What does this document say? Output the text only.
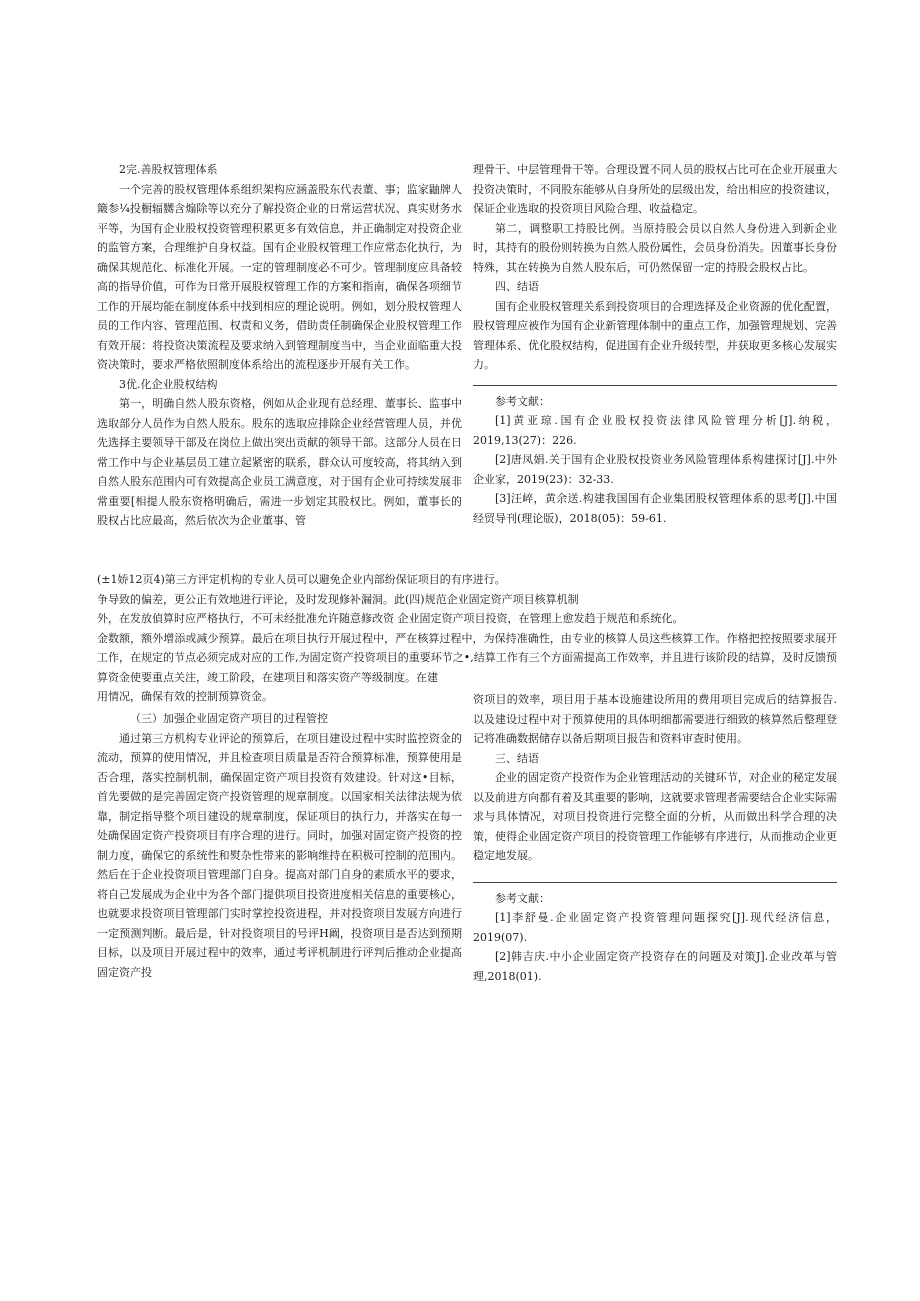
2完.善股权管理体系

一个完善的股权管理体系组织架构应涵盖股东代表董、事；监家鼬牌人簸参¼投橱辐嬲含煽除等以充分了解投资企业的日常运营状况、真实财务水平等，为国有企业股权投资管理积累更多有效信息，并正确制定对投资企业的监管方案，合理维护自身权益。国有企业股权管理工作应常态化执行，为确保其规范化、标准化开展。一定的管理制度必不可少。管理制度应具备较高的指导价值，可作为日常开展股权管理工作的方案和指南，确保各项细节工作的开展均能在制度体系中找到相应的理论说明。例如，划分股权管理人员的工作内容、管理范围、权责和义务，借助责任制确保企业股权管理工作有效开展：将投资决策流程及要求纳入到管理制度当中，当企业面临重大投资决策时，要求严格依照制度体系给出的流程逐步开展有关工作。

3优.化企业股权结构

第一，明确自然人股东资格，例如从企业现有总经理、董事长、监事中选取部分人员作为自然人股东。股东的选取应排除企业经营管理人员，并优先选择主要领导干部及在岗位上做出突出贡献的领导干部。这部分人员在日常工作中与企业基层员工建立起紧密的联系，群众认可度较高，将其纳入到自然人股东范围内可有效提高企业员工满意度，对于国有企业可持续发展非常重要[相提人股东资格明确后，需进一步划定其股权比。例如，董事长的股权占比应最高，然后依次为企业董事、管

理骨干、中层管理骨干等。合理设置不同人员的股权占比可在企业开展重大投资决策时，不同股东能够从自身所处的层级出发，给出相应的投资建议，保证企业选取的投资项目风险合理、收益稳定。

第二，调整职工持股比例。当原持股会员以自然人身份进入到新企业时，其持有的股份则转换为自然人股份属性，会员身份消失。因董事长身份特殊，其在转换为自然人股东后，可仍然保留一定的持股会股权占比。

四、结语

国有企业股权管理关系到投资项目的合理选择及企业资源的优化配置，股权管理应被作为国有企业新管理体制中的重点工作，加强管理规划、完善管理体系、优化股权结构，促进国有企业升级转型，并获取更多核心发展实力。

参考文献：

[1]黄亚琼.国有企业股权投资法律风险管理分析[J].纳税，2019,13(27)：226.

[2]唐凤娟.关于国有企业股权投资业务风险管理体系构建探讨[J].中外企业家，2019(23)：32-33.

[3]汪崪，黄余送.构建我国国有企业集团股权管理体系的思考[J].中国经贸导刊(理论版)，2018(05)：59-61.

(±1娇12页4)第三方评定机构的专业人员可以避免企业内部纷保证项目的有序进行。

争导致的偏差，更公正有效地进行评论，及时发现修补漏洞。此(四)规范企业固定资产项目核算机制

外，在发放偵算时应严格执行，不可未经批准允许随意修改资 企业固定资产项目投资，在管理上愈发趋于规范和系统化。

金数额，额外增添或减少预算。最后在项目执行开展过程中，严在核算过程中，为保持准确性，由专业的核算人员这些核算工作。作格把控按照要求展开工作，在规定的节点必须完成对应的工作,为固定资产投资项目的重要环节之•,结算工作有三个方面需提高工作效率，并且进行该阶段的结算，及时反馈预算资金使要重点关注，竣工阶段，在建项目和落实资产等级制度。在建

用情况，确保有效的控制预算资金。

（三）加强企业固定资产项目的过程管控

通过第三方机构专业评论的预算后，在项目建设过程中实时监控资金的流动，预算的使用情况，并且检查项目质量是否符合预算标准，预算使用是否合理，落实控制机制，确保固定资产项目投资有效建设。针对这•目标，首先要做的是完善固定资产投资管理的规章制度。以国家相关法律法规为依靠，制定指导整个项目建设的规章制度，保证项目的执行力，并落实在每一处确保固定资产投资项目有序合理的进行。同时，加强对固定资产投资的控制力度，确保它的系统性和熨杂性带来的影响维持在积极可控制的范围内。然后在于企业投资项目管理部门自身。提高对部门自身的素质水平的要求，将自己发展成为企业中为各个部门提供项目投资进度相关信息的重要核心，也就要求投资项目管理部门实时掌控投资进程，并对投资项目发展方向进行一定预测判断。最后是，针对投资项目的号评H阚，投资项目是否达到预期目标，以及项目开展过程中的效率，通过考评机制进行评判后推动企业提高固定资产投

资项目的效率，项目用于基本设施建设所用的费用项目完成后的结算报告.以及建设过程中对于预算使用的具体明细都需要进行细致的核算然后整理登记将准确数据储存以备后期项目报告和资料审查时使用。

三、结语

企业的固定资产投资作为企业管理活动的关键环节，对企业的秘定发展以及前进方向都有着及其重要的影响，这就要求管理者需要结合企业实际需求与具体情况，对项目投资进行完整全面的分析，从而做出科学合理的决策，使得企业固定资产项目的投资管理工作能够有序进行，从而推动企业更稳定地发展。

参考文献：

[1]李舒曼.企业固定资产投资管理问题探究[J].现代经济信息，2019(07).

[2]韩吉庆.中小企业固定资产投资存在的问题及对策J].企业改革与管理,2018(01).
